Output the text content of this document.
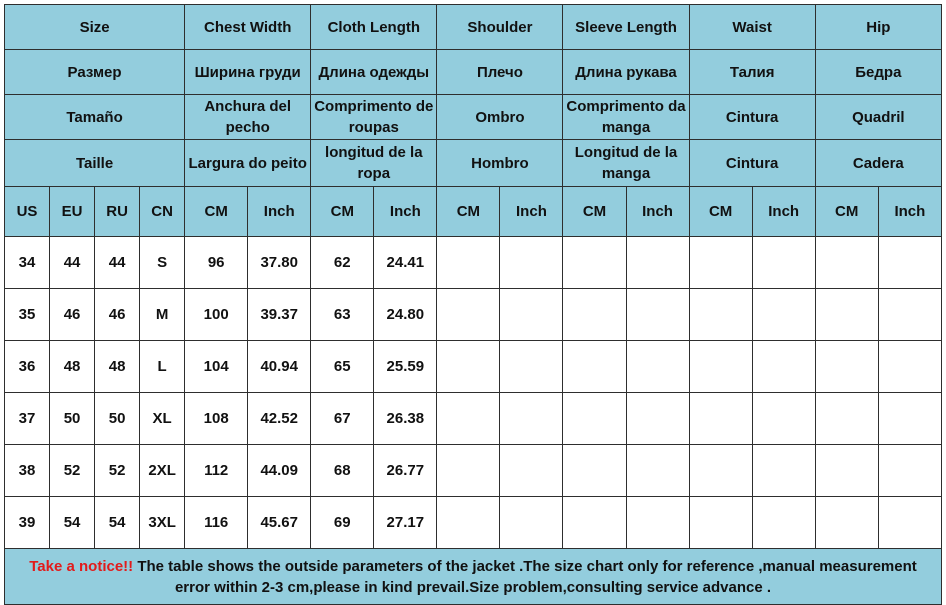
Size				Chest Width		Cloth Length		Shoulder		Sleeve Length		Waist		Hip	
Размер				Ширина груди		Длина одежды		Плечо		Длина рукава		Талия		Бедра	
Tamaño				Anchura del pecho		Comprimento de roupas		Ombro		Comprimento da manga		Cintura		Quadril	
Taille				Largura do peito		longitud de la ropa		Hombro		Longitud de la manga		Cintura		Cadera	
US	EU	RU	CN	CM	Inch	CM	Inch	CM	Inch	CM	Inch	CM	Inch	CM	Inch
34	44	44	S	96	37.80	62	24.41								
35	46	46	M	100	39.37	63	24.80								
36	48	48	L	104	40.94	65	25.59								
37	50	50	XL	108	42.52	67	26.38								
38	52	52	2XL	112	44.09	68	26.77								
39	54	54	3XL	116	45.67	69	27.17								
Take a notice!! The table shows the outside parameters of the jacket .The size chart only for reference ,manual measurement error within 2-3 cm,please in kind prevail.Size problem,consulting service advance .															
